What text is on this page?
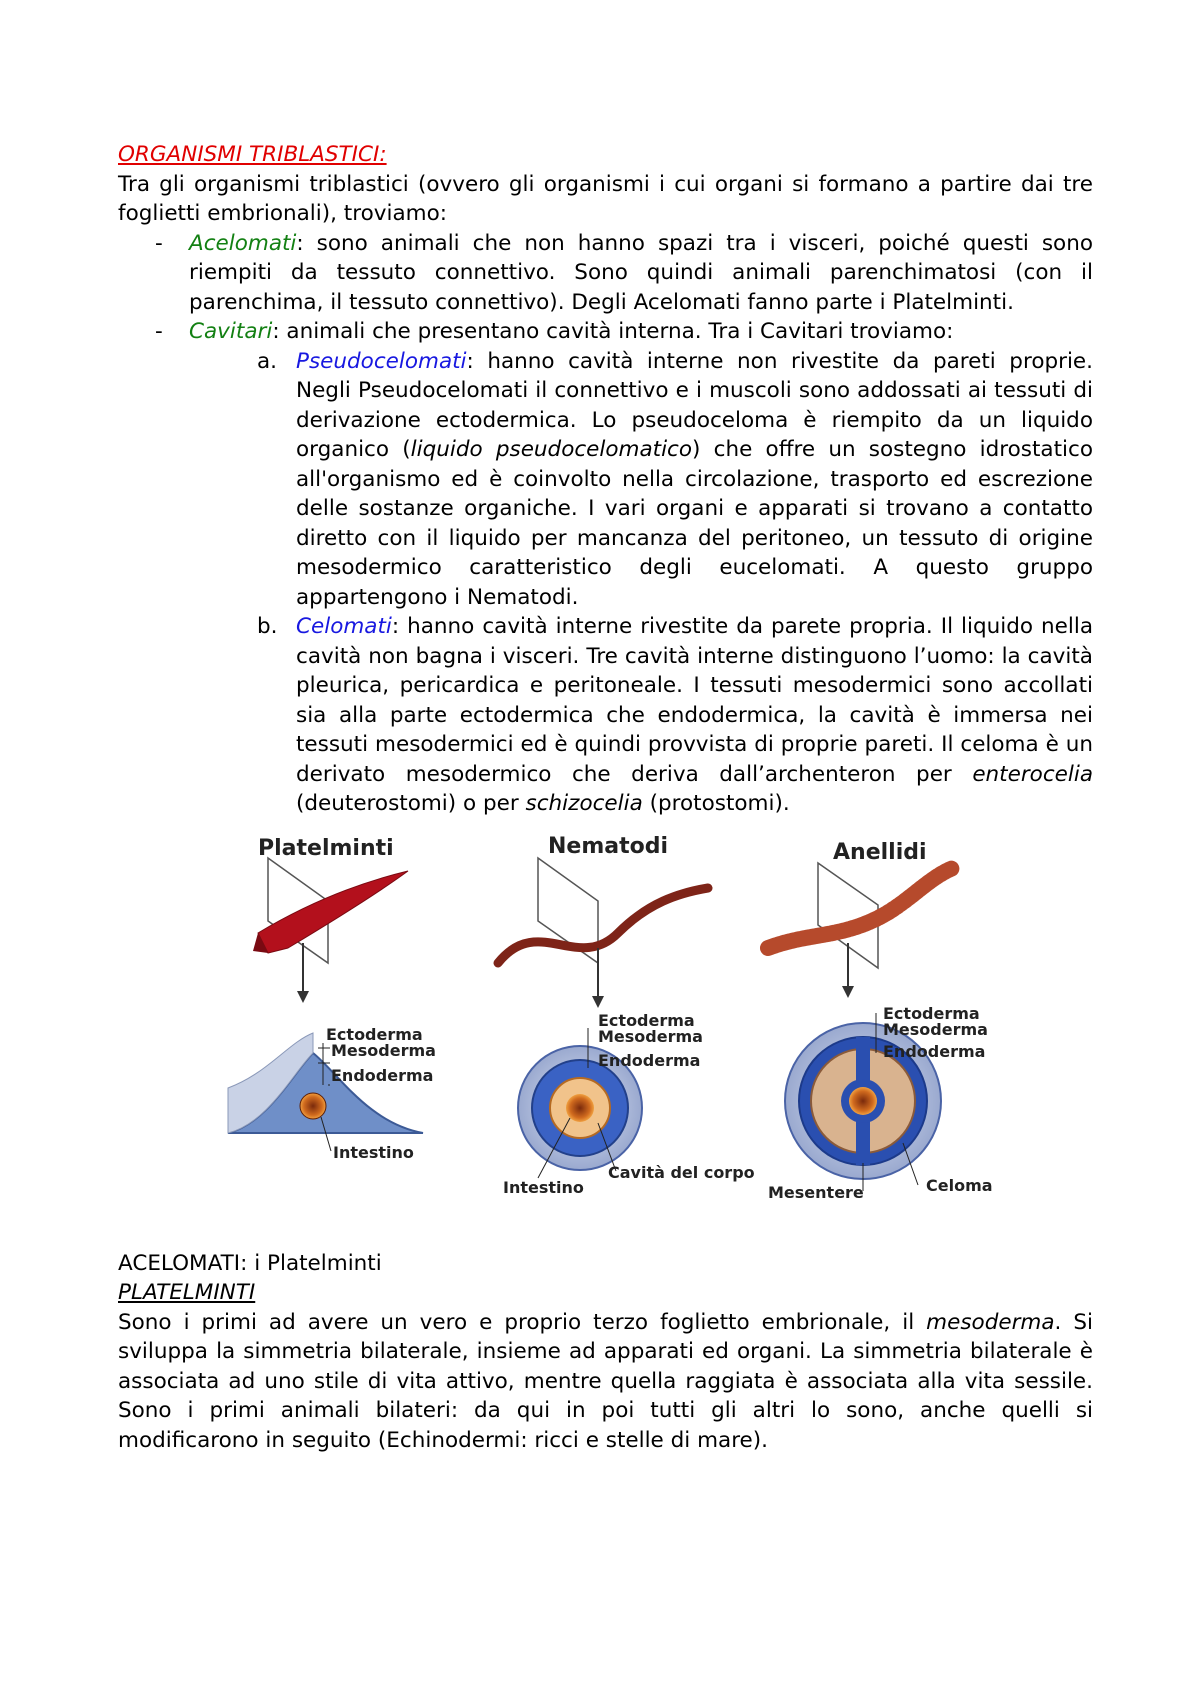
ORGANISMI TRIBLASTICI:

Tra gli organismi triblastici (ovvero gli organismi i cui organi si formano a partire dai tre foglietti embrionali), troviamo:

- Acelomati: sono animali che non hanno spazi tra i visceri, poiché questi sono riempiti da tessuto connettivo. Sono quindi animali parenchimatosi (con il parenchima, il tessuto connettivo). Degli Acelomati fanno parte i Platelminti.
- Cavitari: animali che presentano cavità interna. Tra i Cavitari troviamo:
a. Pseudocelomati: hanno cavità interne non rivestite da pareti proprie. Negli Pseudocelomati il connettivo e i muscoli sono addossati ai tessuti di derivazione ectodermica. Lo pseudoceloma è riempito da un liquido organico (liquido pseudocelomatico) che offre un sostegno idrostatico all'organismo ed è coinvolto nella circolazione, trasporto ed escrezione delle sostanze organiche. I vari organi e apparati si trovano a contatto diretto con il liquido per mancanza del peritoneo, un tessuto di origine mesodermico caratteristico degli eucelomati. A questo gruppo appartengono i Nematodi.
b. Celomati: hanno cavità interne rivestite da parete propria. Il liquido nella cavità non bagna i visceri. Tre cavità interne distinguono l’uomo: la cavità pleurica, pericardica e peritoneale. I tessuti mesodermici sono accollati sia alla parte ectodermica che endodermica, la cavità è immersa nei tessuti mesodermici ed è quindi provvista di proprie pareti. Il celoma è un derivato mesodermico che deriva dall’archenteron per enterocelia (deuterostomi) o per schizocelia (protostomi).
Platelminti
Ectoderma
Mesoderma
Endoderma
Intestino
Nematodi
Ectoderma
Mesoderma
Endoderma
Intestino
Cavità del corpo
Anellidi
Ectoderma
Mesoderma
Endoderma
Mesentere	Celoma

ACELOMATI: i Platelminti

PLATELMINTI

Sono i primi ad avere un vero e proprio terzo foglietto embrionale, il mesoderma. Si sviluppa la simmetria bilaterale, insieme ad apparati ed organi. La simmetria bilaterale è associata ad uno stile di vita attivo, mentre quella raggiata è associata alla vita sessile. Sono i primi animali bilateri: da qui in poi tutti gli altri lo sono, anche quelli si modificarono in seguito (Echinodermi: ricci e stelle di mare).
